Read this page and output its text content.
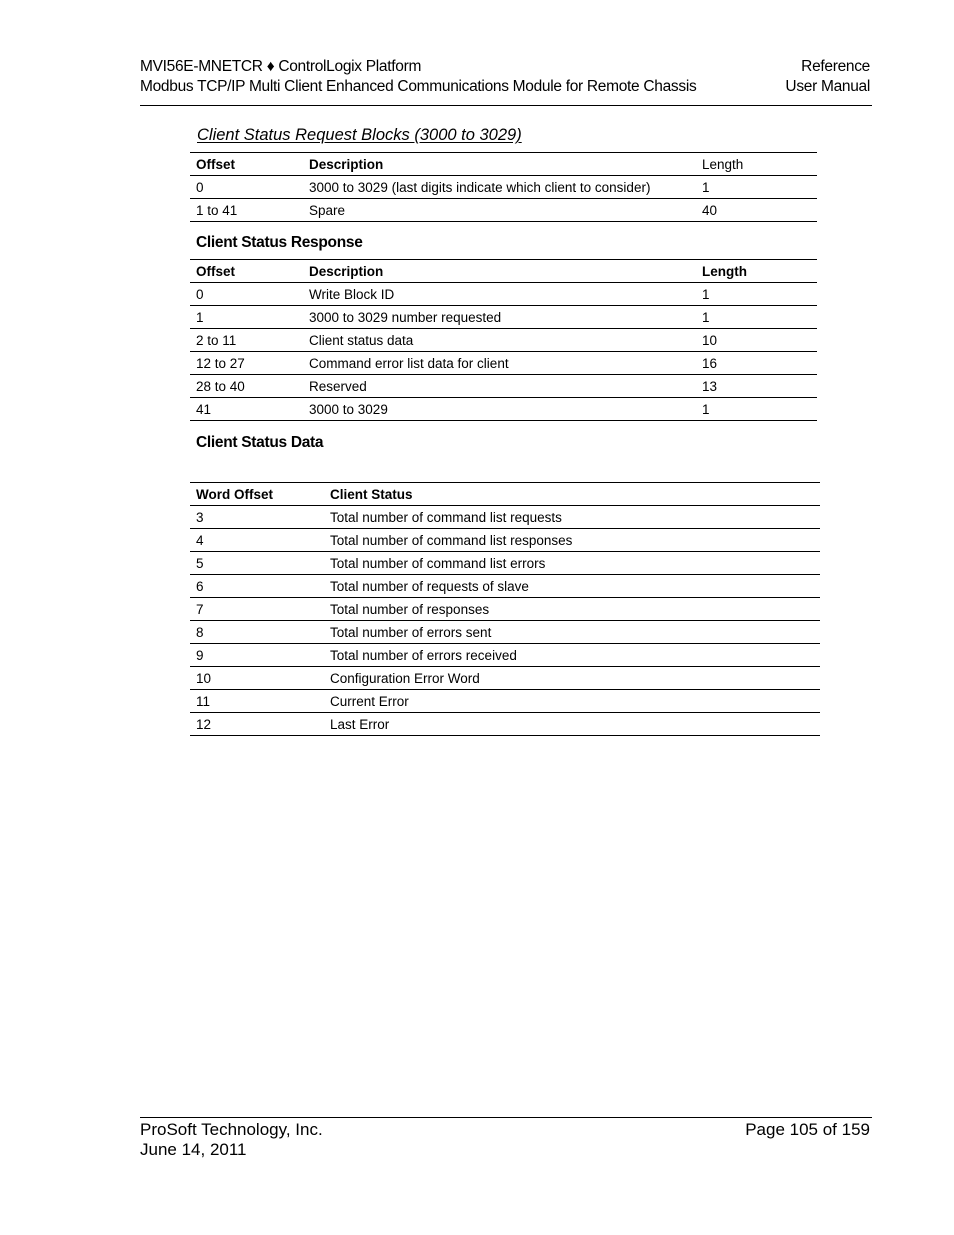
MVI56E-MNETCR ♦ ControlLogix Platform
Modbus TCP/IP Multi Client Enhanced Communications Module for Remote Chassis
Reference
User Manual
Client Status Request Blocks (3000 to 3029)
Offset	Description	Length
0	3000 to 3029 (last digits indicate which client to consider)	1
1 to 41	Spare	40
Client Status Response
Offset	Description	Length
0	Write Block ID	1
1	3000 to 3029 number requested	1
2 to 11	Client status data	10
12 to 27	Command error list data for client	16
28 to 40	Reserved	13
41	3000 to 3029	1
Client Status Data
Word Offset	Client Status
3	Total number of command list requests
4	Total number of command list responses
5	Total number of command list errors
6	Total number of requests of slave
7	Total number of responses
8	Total number of errors sent
9	Total number of errors received
10	Configuration Error Word
11	Current Error
12	Last Error
ProSoft Technology, Inc.
June 14, 2011
Page 105 of 159
